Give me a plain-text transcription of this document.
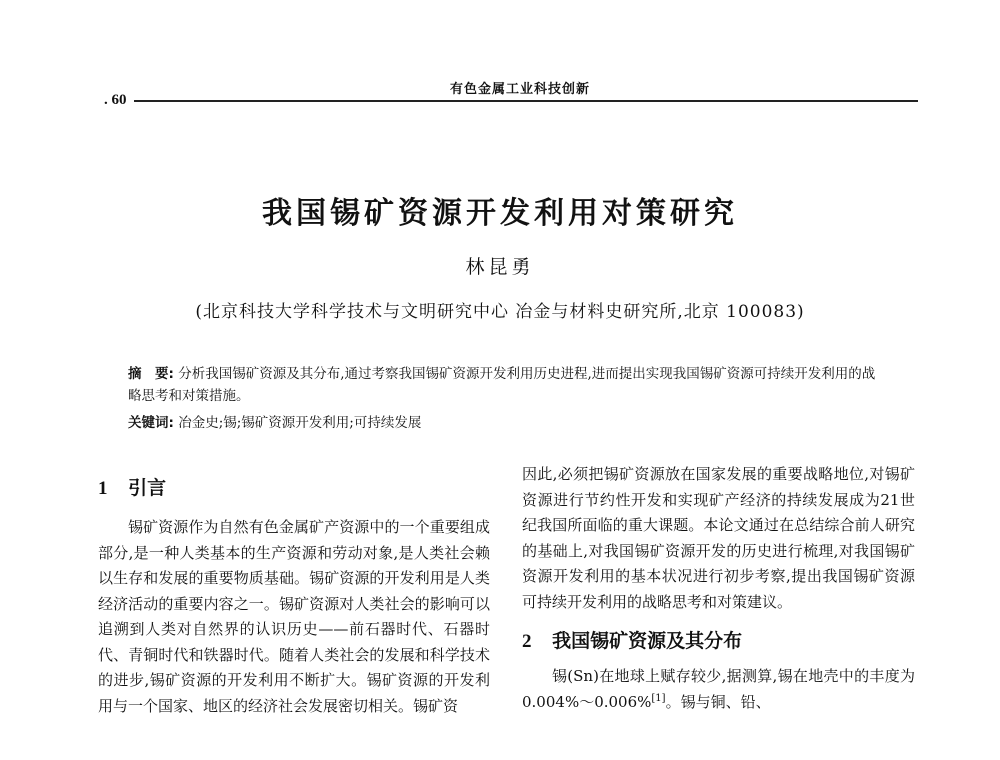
有色金属工业科技创新
. 60
我国锡矿资源开发利用对策研究
林昆勇
(北京科技大学科学技术与文明研究中心 冶金与材料史研究所,北京 100083)
摘　要: 分析我国锡矿资源及其分布,通过考察我国锡矿资源开发利用历史进程,进而提出实现我国锡矿资源可持续开发利用的战略思考和对策措施。
关键词: 冶金史;锡;锡矿资源开发利用;可持续发展
1 引言

锡矿资源作为自然有色金属矿产资源中的一个重要组成部分,是一种人类基本的生产资源和劳动对象,是人类社会赖以生存和发展的重要物质基础。锡矿资源的开发利用是人类经济活动的重要内容之一。锡矿资源对人类社会的影响可以追溯到人类对自然界的认识历史——前石器时代、石器时代、青铜时代和铁器时代。随着人类社会的发展和科学技术的进步,锡矿资源的开发利用不断扩大。锡矿资源的开发利用与一个国家、地区的经济社会发展密切相关。锡矿资

因此,必须把锡矿资源放在国家发展的重要战略地位,对锡矿资源进行节约性开发和实现矿产经济的持续发展成为21世纪我国所面临的重大课题。本论文通过在总结综合前人研究的基础上,对我国锡矿资源开发的历史进行梳理,对我国锡矿资源开发利用的基本状况进行初步考察,提出我国锡矿资源可持续开发利用的战略思考和对策建议。

2 我国锡矿资源及其分布

锡(Sn)在地球上赋存较少,据测算,锡在地壳中的丰度为0.004%～0.006%[1]。锡与铜、铅、
